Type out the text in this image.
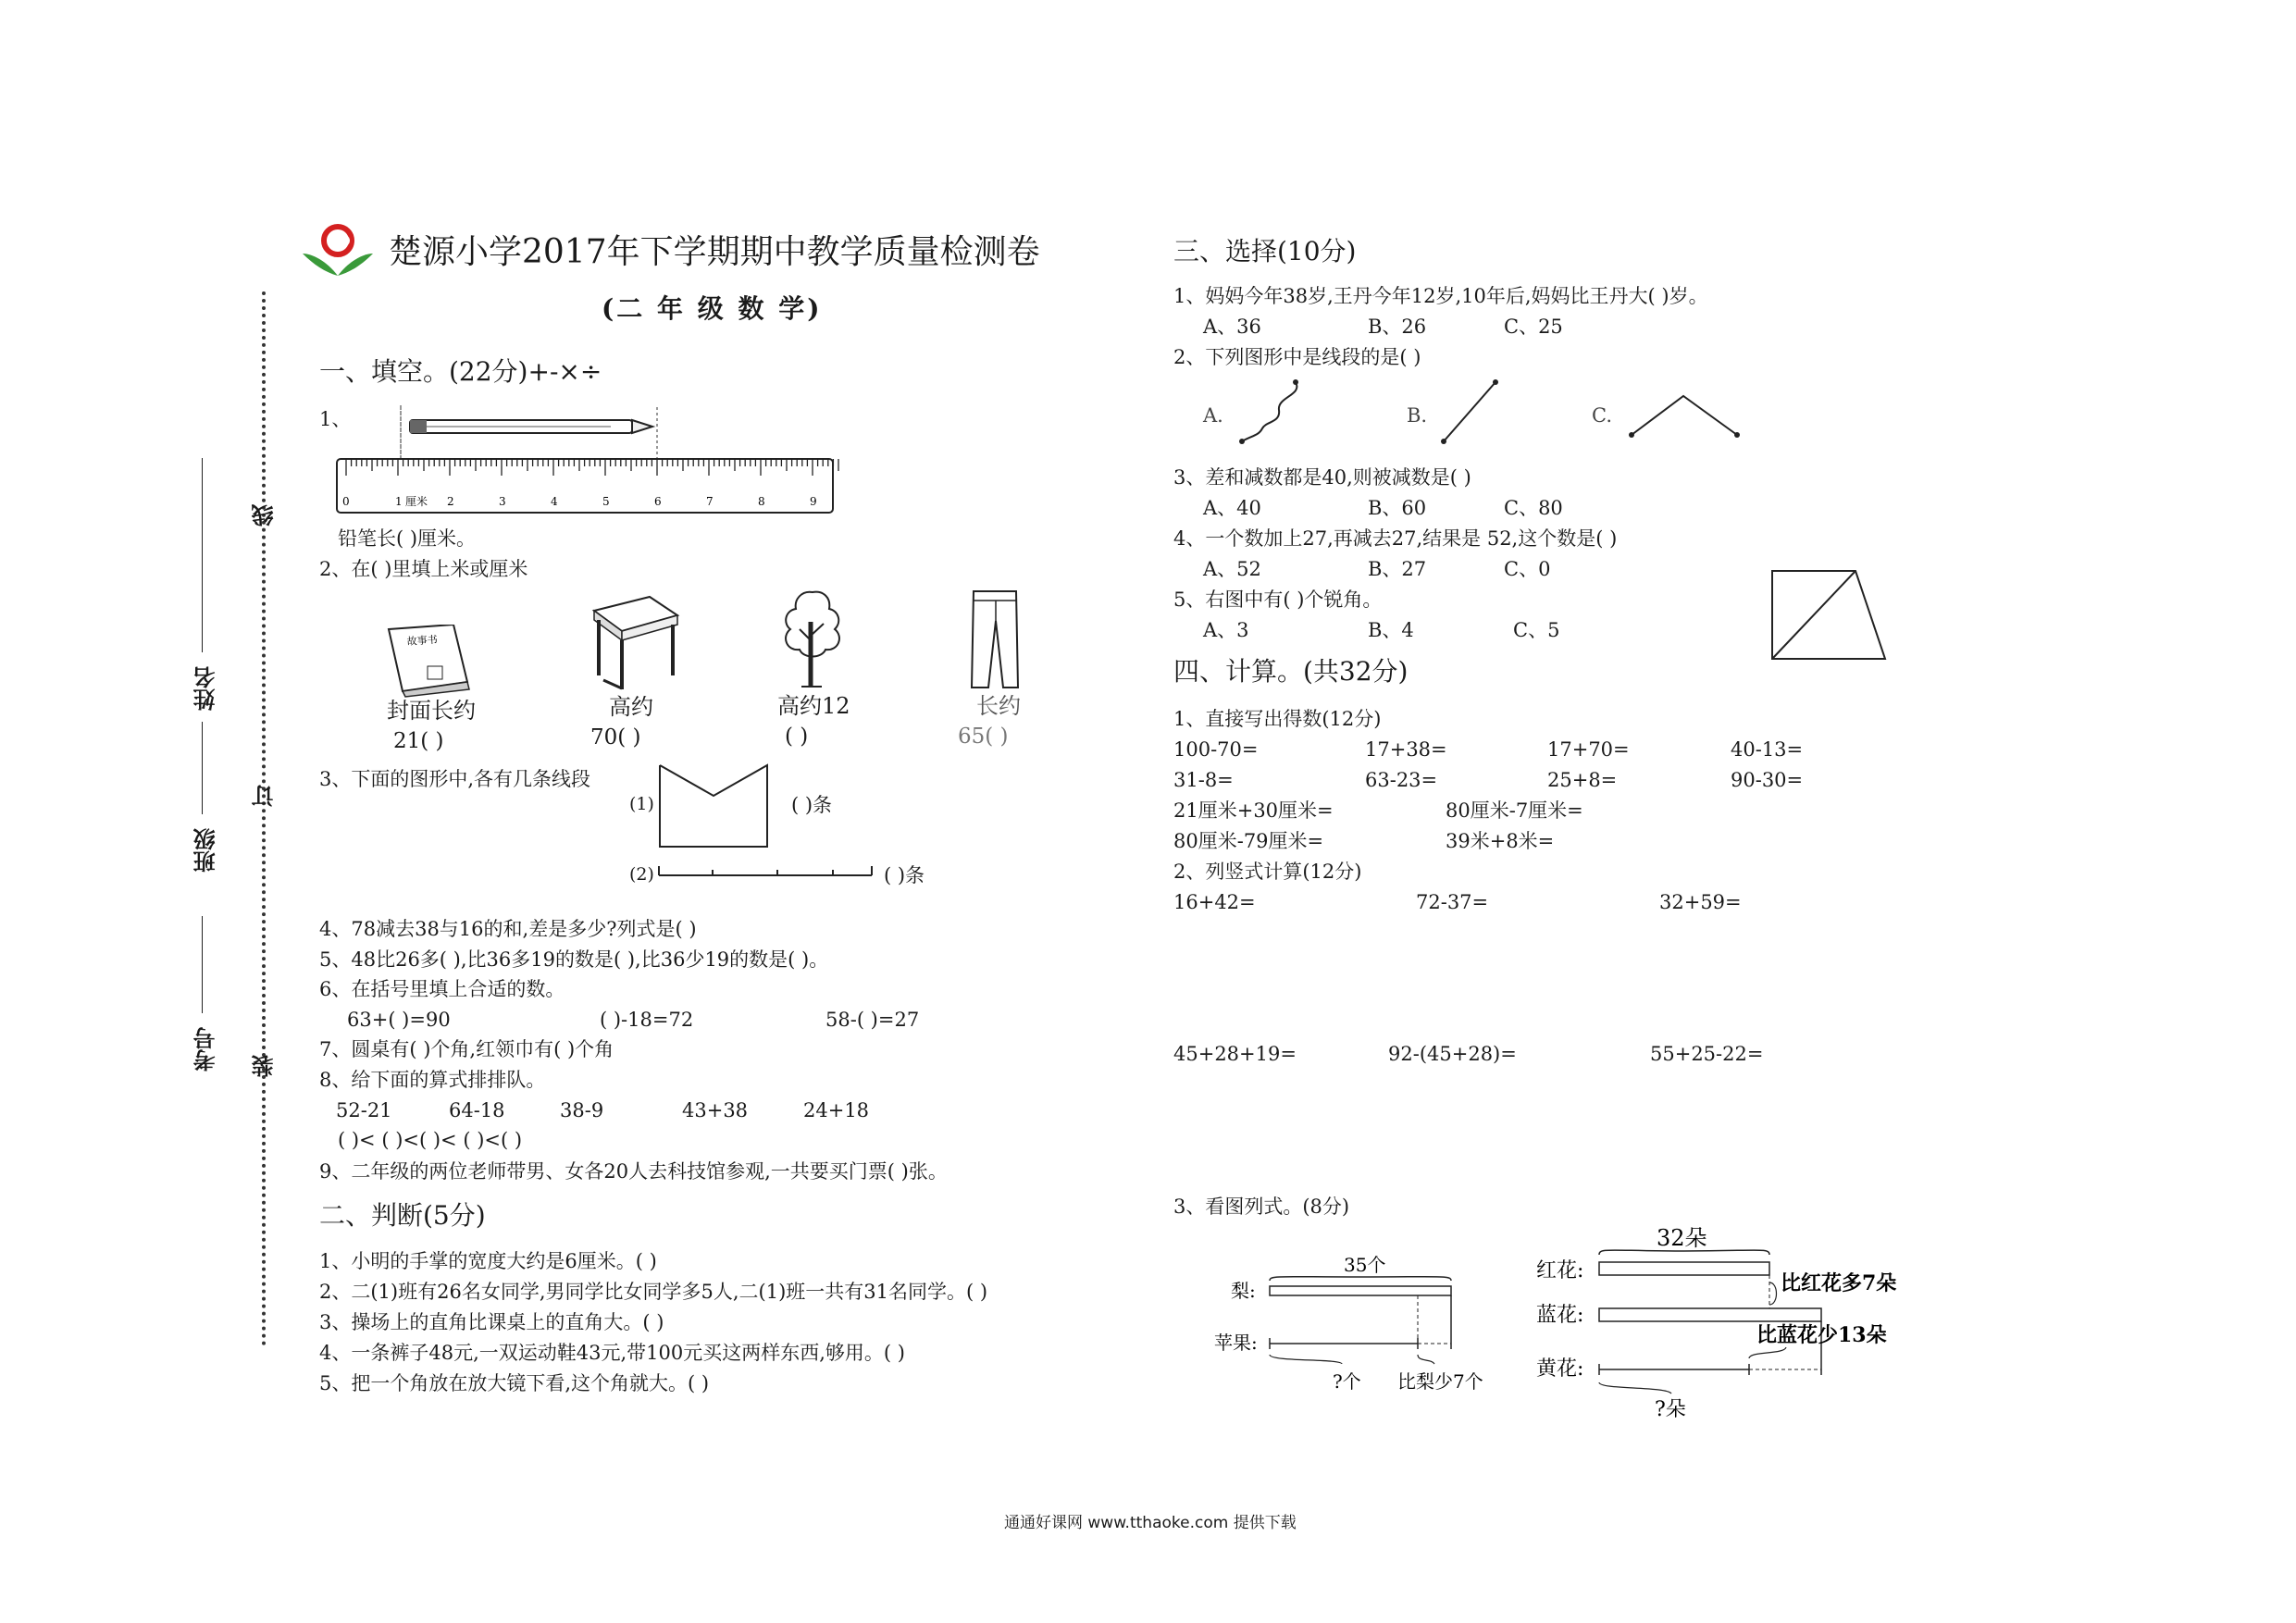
线
订
装
姓名
班级
考号
楚源小学2017年下学期期中教学质量检测卷
(二 年 级 数 学)
一、填空。(22分)+-×÷
1、
0	1 厘米 2	3	4	5	6	7	8	9
铅笔长( )厘米。
2、在( )里填上米或厘米
故事书
封面长约
21( )
高约
70( )
高约12
( )
长约
65( )
3、下面的图形中,各有几条线段
(1)	( )条
(2)	( )条
4、78减去38与16的和,差是多少?列式是( )
5、48比26多( ),比36多19的数是( ),比36少19的数是( )。
6、在括号里填上合适的数。
63+( )=90	( )-18=72	58-( )=27
7、圆桌有( )个角,红领巾有( )个角
8、给下面的算式排排队。
52-21	64-18	38-9	43+38	24+18
( )< ( )<( )< ( )<( )
9、二年级的两位老师带男、女各20人去科技馆参观,一共要买门票( )张。
二、判断(5分)
1、小明的手掌的宽度大约是6厘米。( )
2、二(1)班有26名女同学,男同学比女同学多5人,二(1)班一共有31名同学。( )
3、操场上的直角比课桌上的直角大。( )
4、一条裤子48元,一双运动鞋43元,带100元买这两样东西,够用。( )
5、把一个角放在放大镜下看,这个角就大。( )
三、选择(10分)
1、妈妈今年38岁,王丹今年12岁,10年后,妈妈比王丹大( )岁。
A、36	B、26	C、25
2、下列图形中是线段的是( )
A.	B.	C.
3、差和减数都是40,则被减数是( )
A、40	B、60	C、80
4、一个数加上27,再减去27,结果是 52,这个数是( )
A、52	B、27	C、0
5、右图中有( )个锐角。
A、3	B、4	C、5
四、计算。(共32分)
1、直接写出得数(12分)
100-70=	17+38=	17+70=	40-13=
31-8=	63-23=	25+8=	90-30=
21厘米+30厘米=	80厘米-7厘米=
80厘米-79厘米=	39米+8米=
2、列竖式计算(12分)
16+42=	72-37=	32+59=
45+28+19=	92-(45+28)=	55+25-22=
3、看图列式。(8分)
35个
梨:
苹果:
?个 比梨少7个
32朵
红花:
蓝花:
比红花多7朵
黄花:
比蓝花少13朵
?朵
通通好课网 www.tthaoke.com 提供下载
